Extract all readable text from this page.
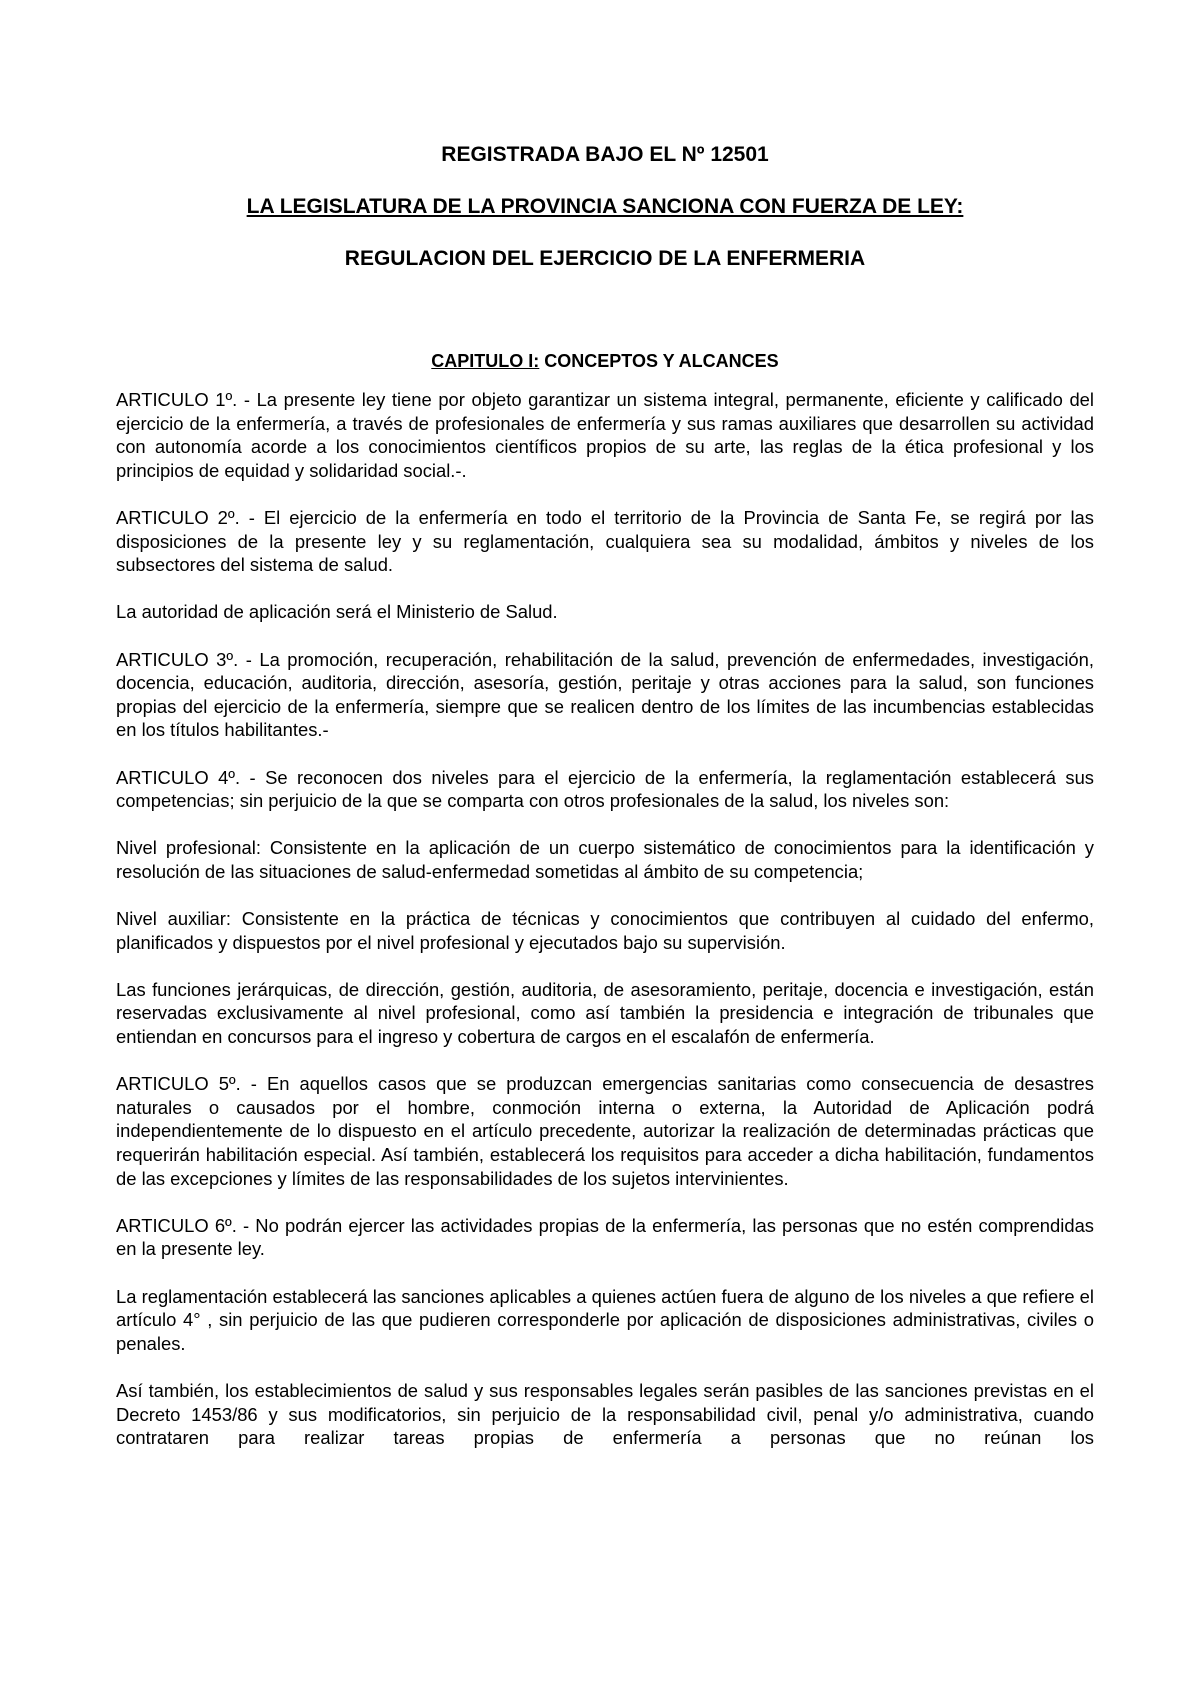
REGISTRADA BAJO EL Nº 12501

LA LEGISLATURA DE LA PROVINCIA SANCIONA CON FUERZA DE LEY:

REGULACION DEL EJERCICIO DE LA ENFERMERIA

CAPITULO I: CONCEPTOS Y ALCANCES

ARTICULO 1º. - La presente ley tiene por objeto garantizar un sistema integral, permanente, eficiente y calificado del ejercicio de la enfermería, a través de profesionales de enfermería y sus ramas auxiliares que desarrollen su actividad con autonomía acorde a los conocimientos científicos propios de su arte, las reglas de la ética profesional y los principios de equidad y solidaridad social.-.

ARTICULO 2º. - El ejercicio de la enfermería en todo el territorio de la Provincia de Santa Fe, se regirá por las disposiciones de la presente ley y su reglamentación, cualquiera sea su modalidad, ámbitos y niveles de los subsectores del sistema de salud.

La autoridad de aplicación será el Ministerio de Salud.

ARTICULO 3º. - La promoción, recuperación, rehabilitación de la salud, prevención de enfermedades, investigación, docencia, educación, auditoria, dirección, asesoría, gestión, peritaje y otras acciones para la salud, son funciones propias del ejercicio de la enfermería, siempre que se realicen dentro de los límites de las incumbencias establecidas en los títulos habilitantes.-

ARTICULO 4º. - Se reconocen dos niveles para el ejercicio de la enfermería, la reglamentación establecerá sus competencias; sin perjuicio de la que se comparta con otros profesionales de la salud, los niveles son:

Nivel profesional: Consistente en la aplicación de un cuerpo sistemático de conocimientos para la identificación y resolución de las situaciones de salud-enfermedad sometidas al ámbito de su competencia;

Nivel auxiliar: Consistente en la práctica de técnicas y conocimientos que contribuyen al cuidado del enfermo, planificados y dispuestos por el nivel profesional y ejecutados bajo su supervisión.

Las funciones jerárquicas, de dirección, gestión, auditoria, de asesoramiento, peritaje, docencia e investigación, están reservadas exclusivamente al nivel profesional, como así también la presidencia e integración de tribunales que entiendan en concursos para el ingreso y cobertura de cargos en el escalafón de enfermería.

ARTICULO 5º. - En aquellos casos que se produzcan emergencias sanitarias como consecuencia de desastres naturales o causados por el hombre, conmoción interna o externa, la Autoridad de Aplicación podrá independientemente de lo dispuesto en el artículo precedente, autorizar la realización de determinadas prácticas que requerirán habilitación especial. Así también, establecerá los requisitos para acceder a dicha habilitación, fundamentos de las excepciones y límites de las responsabilidades de los sujetos intervinientes.

ARTICULO 6º. - No podrán ejercer las actividades propias de la enfermería, las personas que no estén comprendidas en la presente ley.

La reglamentación establecerá las sanciones aplicables a quienes actúen fuera de alguno de los niveles a que refiere el artículo 4° , sin perjuicio de las que pudieren corresponderle por aplicación de disposiciones administrativas, civiles o penales.

Así también, los establecimientos de salud y sus responsables legales serán pasibles de las sanciones previstas en el Decreto 1453/86 y sus modificatorios, sin perjuicio de la responsabilidad civil, penal y/o administrativa, cuando contrataren para realizar tareas propias de enfermería a personas que no reúnan los
